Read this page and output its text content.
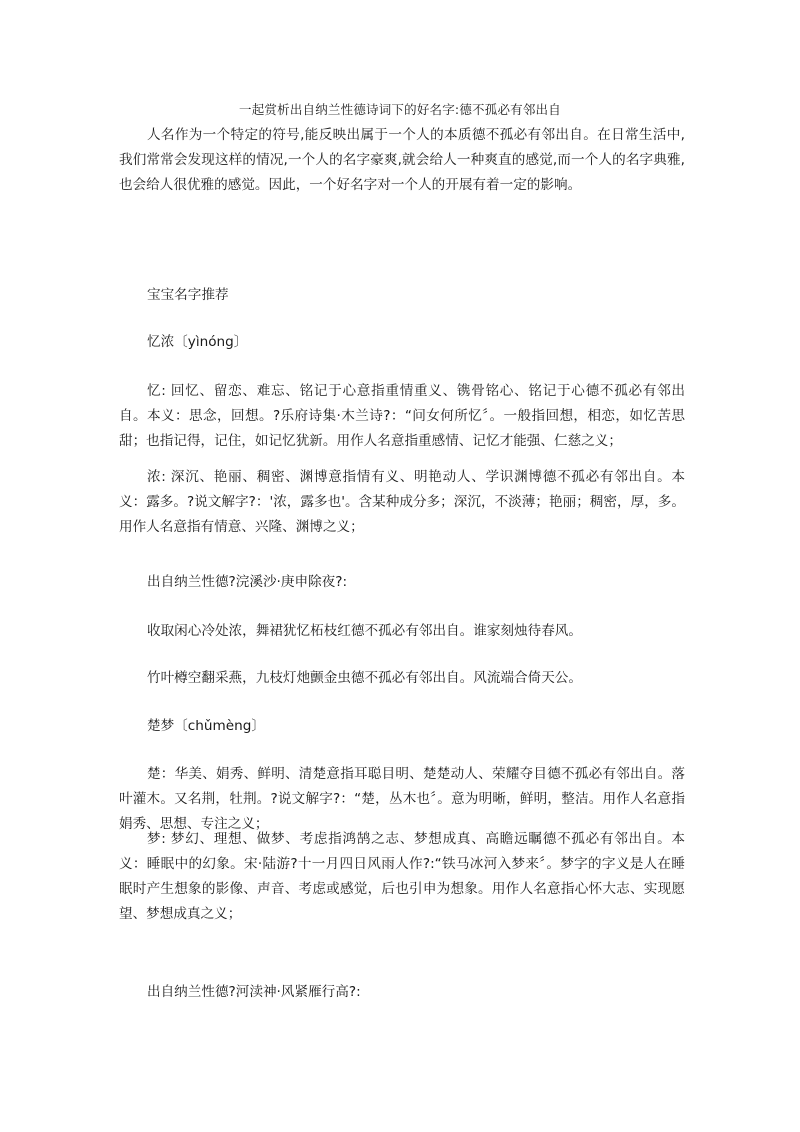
一起赏析出自纳兰性德诗词下的好名字:德不孤必有邻出自
人名作为一个特定的符号,能反映出属于一个人的本质德不孤必有邻出自。在日常生活中,我们常常会发现这样的情况,一个人的名字豪爽,就会给人一种爽直的感觉,而一个人的名字典雅,也会给人很优雅的感觉。因此，一个好名字对一个人的开展有着一定的影响。
宝宝名字推荐
忆浓〔yìnóng〕
忆: 回忆、留恋、难忘、铭记于心意指重情重义、镌骨铭心、铭记于心德不孤必有邻出自。本义：思念，回想。?乐府诗集·木兰诗?：“问女何所忆〞。一般指回想，相恋，如忆苦思甜；也指记得，记住，如记忆犹新。用作人名意指重感情、记忆才能强、仁慈之义；
浓: 深沉、艳丽、稠密、渊博意指情有义、明艳动人、学识渊博德不孤必有邻出自。本义：露多。?说文解字?：'浓，露多也'。含某种成分多；深沉，不淡薄；艳丽；稠密，厚，多。用作人名意指有情意、兴隆、渊博之义；
出自纳兰性德?浣溪沙·庚申除夜?:
收取闲心冷处浓，舞裙犹忆柘枝红德不孤必有邻出自。谁家刻烛待春风。
竹叶樽空翻采燕，九枝灯灺颤金虫德不孤必有邻出自。风流端合倚天公。
楚梦〔chǔmèng〕
楚：华美、娟秀、鲜明、清楚意指耳聪目明、楚楚动人、荣耀夺目德不孤必有邻出自。落叶灌木。又名荆，牡荆。?说文解字?：“楚，丛木也〞。意为明晰，鲜明，整洁。用作人名意指娟秀、思想、专注之义；
梦: 梦幻、理想、做梦、考虑指鸿鹄之志、梦想成真、高瞻远瞩德不孤必有邻出自。本义：睡眠中的幻象。宋·陆游?十一月四日风雨人作?:“铁马冰河入梦来〞。梦字的字义是人在睡眠时产生想象的影像、声音、考虑或感觉，后也引申为想象。用作人名意指心怀大志、实现愿望、梦想成真之义；
出自纳兰性德?河渎神·风紧雁行高?:
